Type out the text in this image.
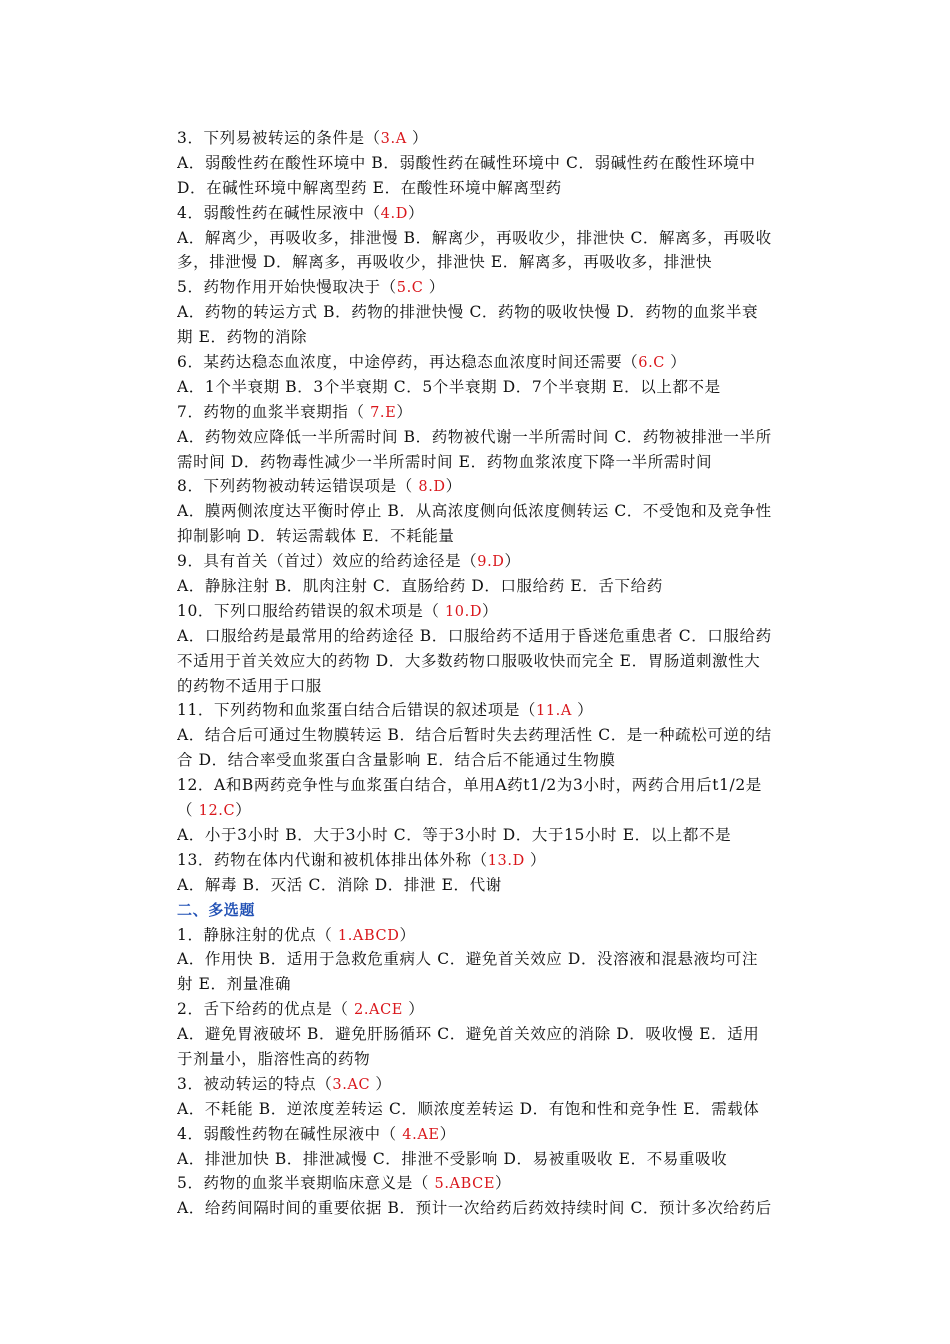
3．下列易被转运的条件是（3.A ）
A．弱酸性药在酸性环境中 B．弱酸性药在碱性环境中 C．弱碱性药在酸性环境中
D．在碱性环境中解离型药 E．在酸性环境中解离型药
4．弱酸性药在碱性尿液中（4.D）
A．解离少，再吸收多，排泄慢 B．解离少，再吸收少，排泄快 C．解离多，再吸收
多，排泄慢 D．解离多，再吸收少，排泄快 E．解离多，再吸收多，排泄快
5．药物作用开始快慢取决于（5.C ）
A．药物的转运方式 B．药物的排泄快慢 C．药物的吸收快慢 D．药物的血浆半衰
期 E．药物的消除
6．某药达稳态血浓度，中途停药，再达稳态血浓度时间还需要（6.C ）
A．1个半衰期 B．3个半衰期 C．5个半衰期 D．7个半衰期 E．以上都不是
7．药物的血浆半衰期指（ 7.E）
A．药物效应降低一半所需时间 B．药物被代谢一半所需时间 C．药物被排泄一半所
需时间 D．药物毒性减少一半所需时间 E．药物血浆浓度下降一半所需时间
8．下列药物被动转运错误项是（ 8.D）
A．膜两侧浓度达平衡时停止 B．从高浓度侧向低浓度侧转运 C．不受饱和及竞争性
抑制影响 D．转运需载体 E．不耗能量
9．具有首关（首过）效应的给药途径是（9.D）
A．静脉注射 B．肌肉注射 C．直肠给药 D．口服给药 E．舌下给药
10．下列口服给药错误的叙术项是（ 10.D）
A．口服给药是最常用的给药途径 B．口服给药不适用于昏迷危重患者 C．口服给药
不适用于首关效应大的药物 D．大多数药物口服吸收快而完全 E．胃肠道刺激性大
的药物不适用于口服
11．下列药物和血浆蛋白结合后错误的叙述项是（11.A ）
A．结合后可通过生物膜转运 B．结合后暂时失去药理活性 C．是一种疏松可逆的结
合 D．结合率受血浆蛋白含量影响 E．结合后不能通过生物膜
12．A和B两药竞争性与血浆蛋白结合，单用A药t1/2为3小时，两药合用后t1/2是
（ 12.C）
A．小于3小时 B．大于3小时 C．等于3小时 D．大于15小时 E．以上都不是
13．药物在体内代谢和被机体排出体外称（13.D ）
A．解毒 B．灭活 C．消除 D．排泄 E．代谢
二、多选题
1．静脉注射的优点（ 1.ABCD）
A．作用快 B．适用于急救危重病人 C．避免首关效应 D．没溶液和混悬液均可注
射 E．剂量准确
2．舌下给药的优点是（ 2.ACE ）
A．避免胃液破坏 B．避免肝肠循环 C．避免首关效应的消除 D．吸收慢 E．适用
于剂量小，脂溶性高的药物
3．被动转运的特点（3.AC ）
A．不耗能 B．逆浓度差转运 C．顺浓度差转运 D．有饱和性和竞争性 E．需载体
4．弱酸性药物在碱性尿液中（ 4.AE）
A．排泄加快 B．排泄减慢 C．排泄不受影响 D．易被重吸收 E．不易重吸收
5．药物的血浆半衰期临床意义是（ 5.ABCE）
A．给药间隔时间的重要依据 B．预计一次给药后药效持续时间 C．预计多次给药后
